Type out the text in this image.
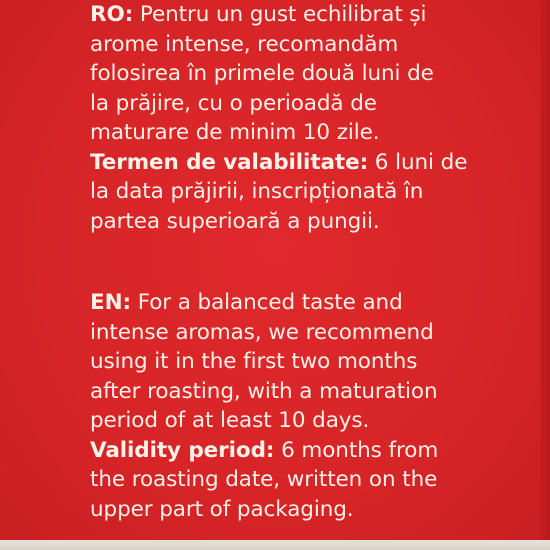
RO: Pentru un gust echilibrat și
arome intense, recomandăm
folosirea în primele două luni de
la prăjire, cu o perioadă de
maturare de minim 10 zile.
Termen de valabilitate: 6 luni de
la data prăjirii, inscripționată în
partea superioară a pungii.
EN: For a balanced taste and
intense aromas, we recommend
using it in the first two months
after roasting, with a maturation
period of at least 10 days.
Validity period: 6 months from
the roasting date, written on the
upper part of packaging.
